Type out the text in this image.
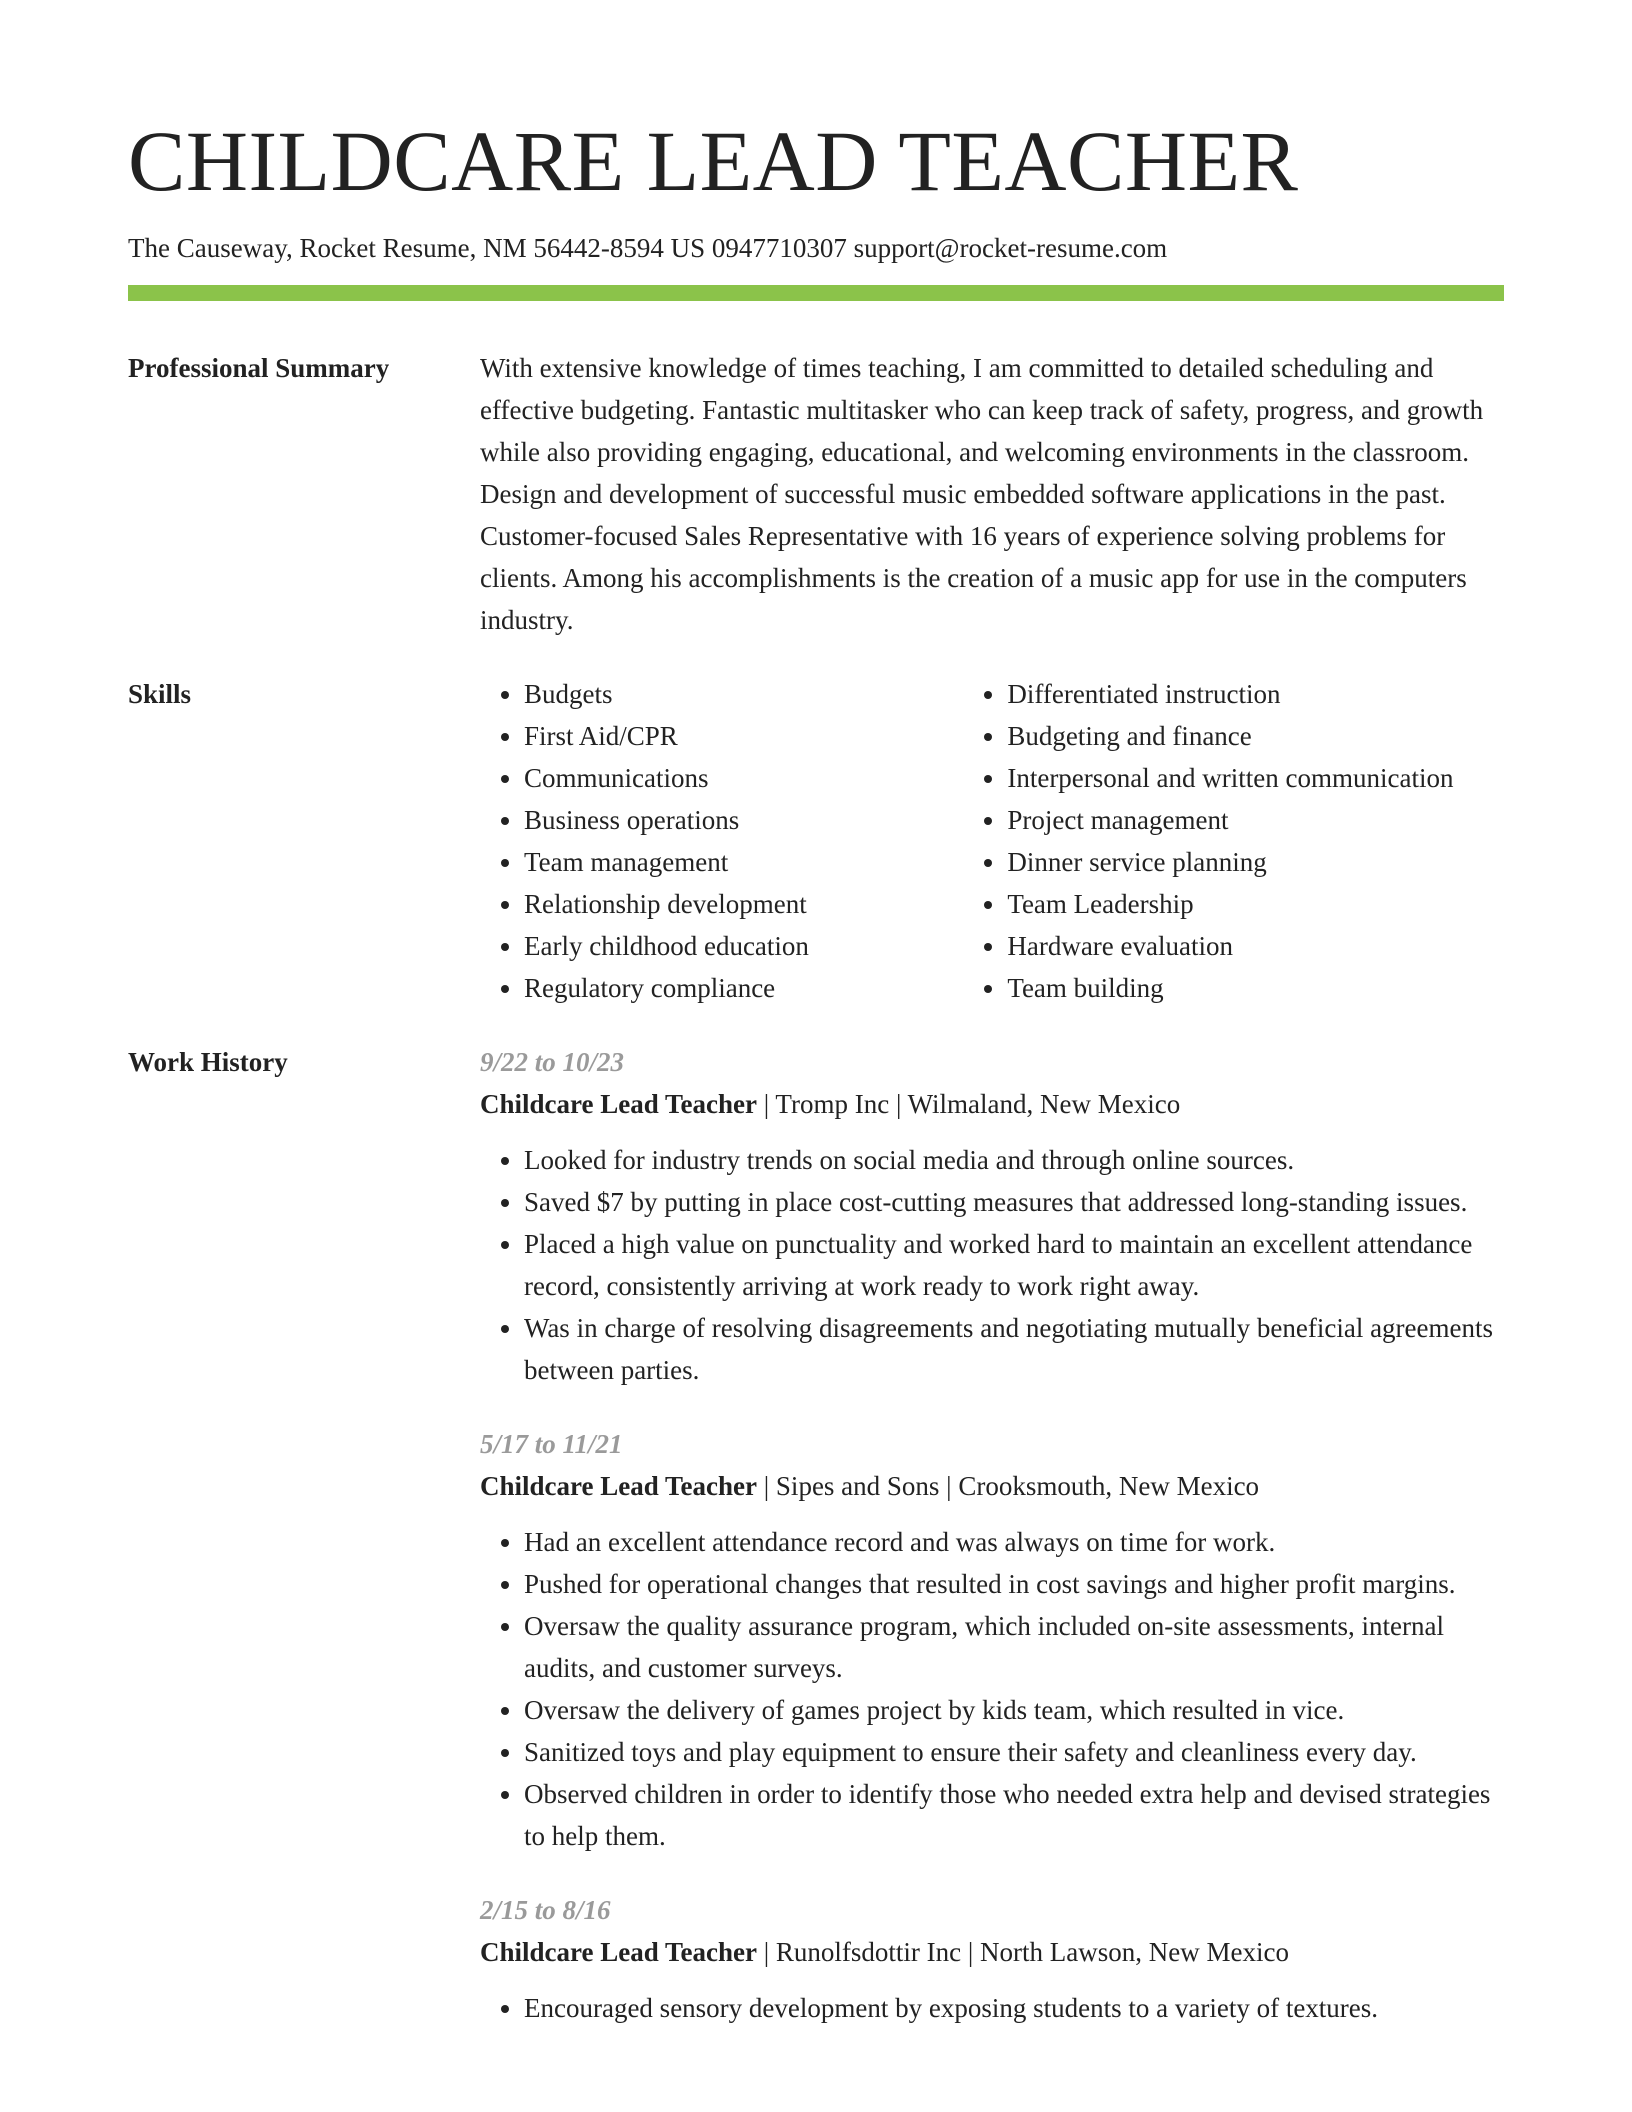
CHILDCARE LEAD TEACHER
The Causeway, Rocket Resume, NM 56442-8594 US 0947710307 support@rocket-resume.com
Professional Summary	With extensive knowledge of times teaching, I am committed to detailed scheduling and effective budgeting. Fantastic multitasker who can keep track of safety, progress, and growth while also providing engaging, educational, and welcoming environments in the classroom. Design and development of successful music embedded software applications in the past. Customer-focused Sales Representative with 16 years of experience solving problems for clients. Among his accomplishments is the creation of a music app for use in the computers industry.

Skills
•	Budgets
• First Aid/CPR
• Communications
• Business operations
• Team management
• Relationship development
• Early childhood education
• Regulatory compliance
• Differentiated instruction
• Budgeting and finance
• Interpersonal and written communication
• Project management
• Dinner service planning
• Team Leadership
• Hardware evaluation
• Team building
Work History	9/22 to 10/23
Childcare Lead Teacher | Tromp Inc | Wilmaland, New Mexico
• Looked for industry trends on social media and through online sources.
• Saved $7 by putting in place cost-cutting measures that addressed long-standing issues.
• Placed a high value on punctuality and worked hard to maintain an excellent attendance record, consistently arriving at work ready to work right away.
• Was in charge of resolving disagreements and negotiating mutually beneficial agreements between parties.
5/17 to 11/21
Childcare Lead Teacher | Sipes and Sons | Crooksmouth, New Mexico
• Had an excellent attendance record and was always on time for work.
• Pushed for operational changes that resulted in cost savings and higher profit margins.
• Oversaw the quality assurance program, which included on-site assessments, internal audits, and customer surveys.
• Oversaw the delivery of games project by kids team, which resulted in vice.
• Sanitized toys and play equipment to ensure their safety and cleanliness every day.
• Observed children in order to identify those who needed extra help and devised strategies to help them.
2/15 to 8/16
Childcare Lead Teacher | Runolfsdottir Inc | North Lawson, New Mexico
• Encouraged sensory development by exposing students to a variety of textures.
